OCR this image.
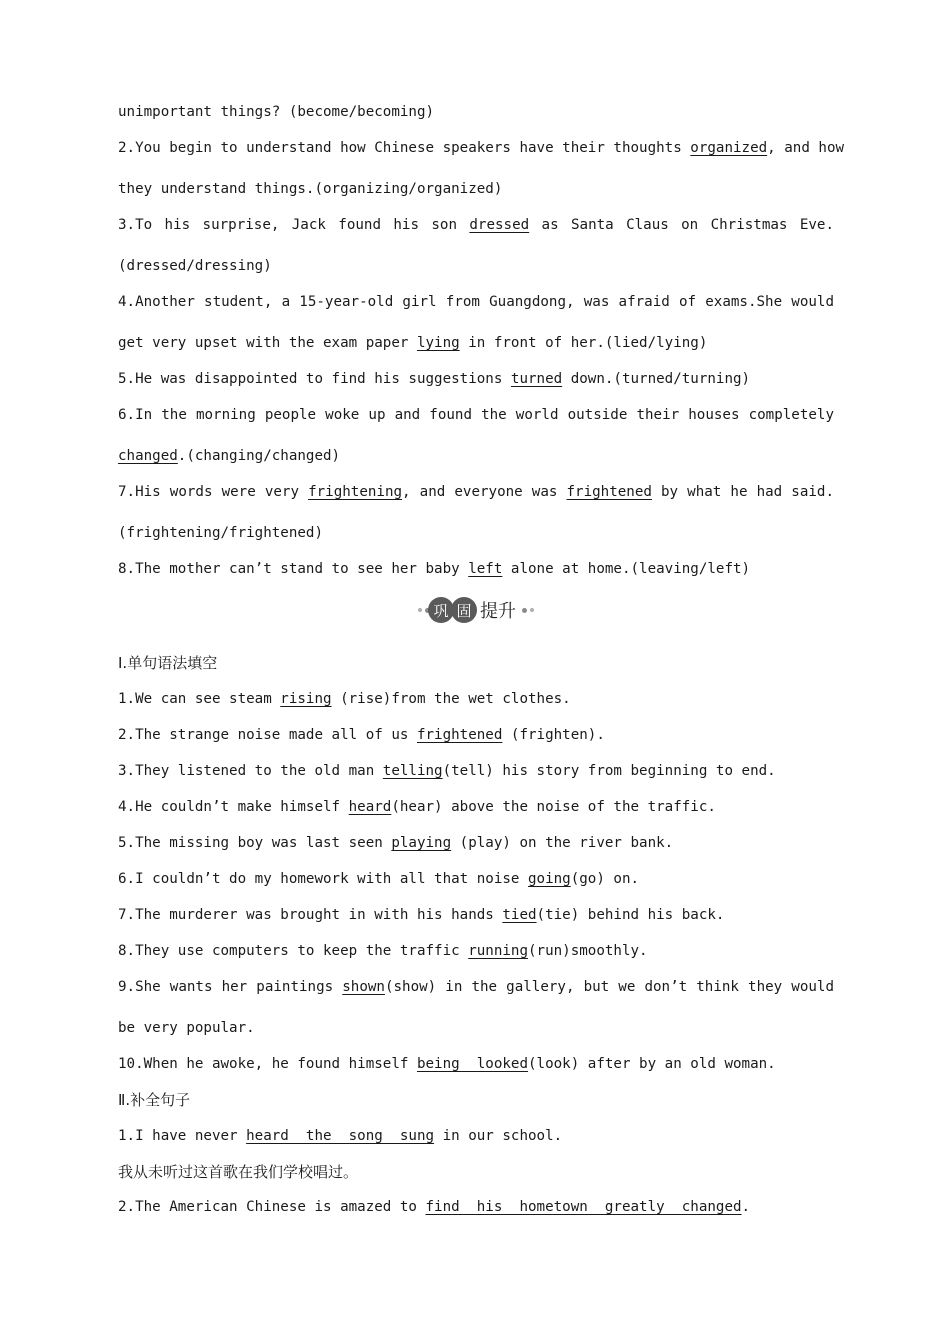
unimportant things? (become/becoming)
2.You begin to understand how Chinese speakers have their thoughts organized, and how
they understand things.(organizing/organized)
3.To his surprise, Jack found his son dressed as Santa Claus on Christmas Eve.
(dressed/dressing)
4.Another student, a 15-year-old girl from Guangdong, was afraid of exams.She would
get very upset with the exam paper lying in front of her.(lied/lying)
5.He was disappointed to find his suggestions turned down.(turned/turning)
6.In the morning people woke up and found the world outside their houses completely
changed.(changing/changed)
7.His words were very frightening, and everyone was frightened by what he had said.
(frightening/frightened)
8.The mother can’t stand to see her baby left alone at home.(leaving/left)
巩 固 提升
Ⅰ.单句语法填空
1.We can see steam rising (rise)from the wet clothes.
2.The strange noise made all of us frightened (frighten).
3.They listened to the old man telling(tell) his story from beginning to end.
4.He couldn’t make himself heard(hear) above the noise of the traffic.
5.The missing boy was last seen playing (play) on the river bank.
6.I couldn’t do my homework with all that noise going(go) on.
7.The murderer was brought in with his hands tied(tie) behind his back.
8.They use computers to keep the traffic running(run)smoothly.
9.She wants her paintings shown(show) in the gallery, but we don’t think they would
be very popular.
10.When he awoke, he found himself being  looked(look) after by an old woman.
Ⅱ.补全句子
1.I have never heard  the  song  sung in our school.
我从未听过这首歌在我们学校唱过。
2.The American Chinese is amazed to find  his  hometown  greatly  changed.
